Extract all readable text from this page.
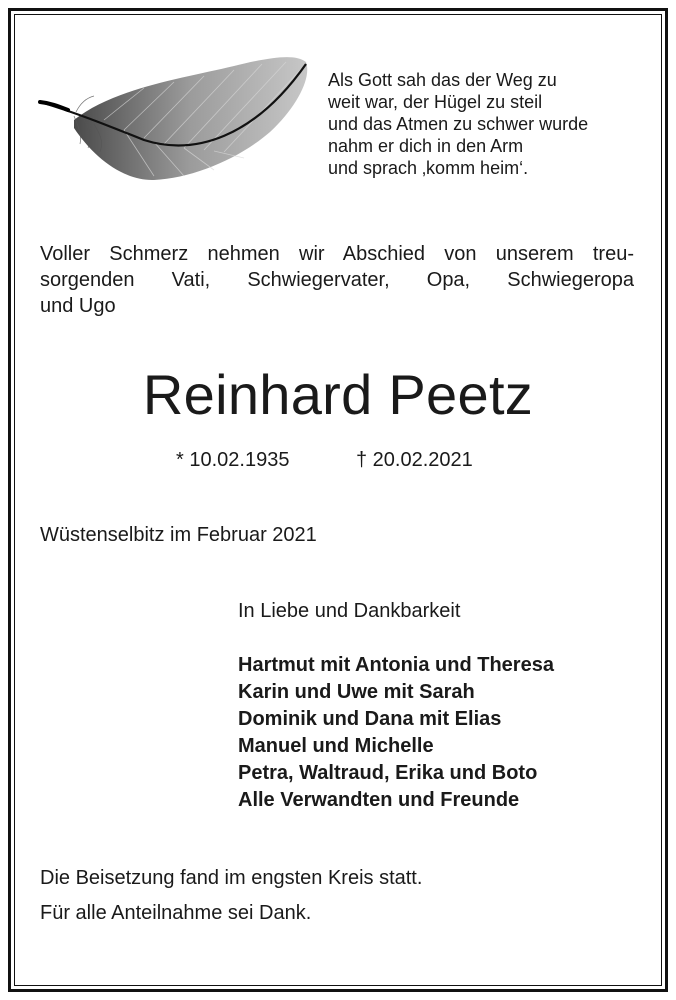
Als Gott sah das der Weg zu
weit war, der Hügel zu steil
und das Atmen zu schwer wurde
nahm er dich in den Arm
und sprach ‚komm heim‘.
Voller Schmerz nehmen wir Abschied von unserem treu-
sorgenden Vati, Schwiegervater, Opa, Schwiegeropa
und Ugo
Reinhard Peetz
* 10.02.1935	† 20.02.2021
Wüstenselbitz im Februar 2021
In Liebe und Dankbarkeit
Hartmut mit Antonia und Theresa
Karin und Uwe mit Sarah
Dominik und Dana mit Elias
Manuel und Michelle
Petra, Waltraud, Erika und Boto
Alle Verwandten und Freunde
Die Beisetzung fand im engsten Kreis statt.
Für alle Anteilnahme sei Dank.
